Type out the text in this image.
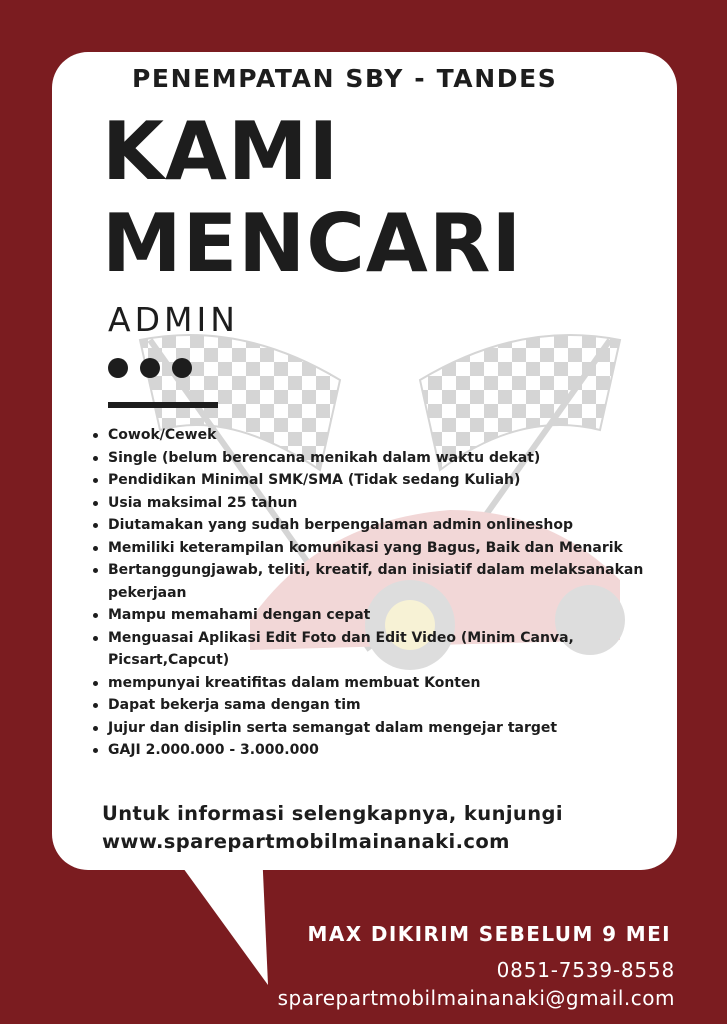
PENEMPATAN SBY - TANDES
KAMI
MENCARI
ADMIN
Cowok/Cewek
Single (belum berencana menikah dalam waktu dekat)
Pendidikan Minimal SMK/SMA (Tidak sedang Kuliah)
Usia maksimal 25 tahun
Diutamakan yang sudah berpengalaman admin onlineshop
Memiliki keterampilan komunikasi yang Bagus, Baik dan Menarik
Bertanggungjawab, teliti, kreatif, dan inisiatif dalam melaksanakan pekerjaan
Mampu memahami dengan cepat
Menguasai Aplikasi Edit Foto dan Edit Video (Minim Canva, Picsart,Capcut)
mempunyai kreatifitas dalam membuat Konten
Dapat bekerja sama dengan tim
Jujur dan disiplin serta semangat dalam mengejar target
GAJI 2.000.000 - 3.000.000
Untuk informasi selengkapnya, kunjungi
www.sparepartmobilmainanaki.com
MAX DIKIRIM SEBELUM 9 MEI
0851-7539-8558
sparepartmobilmainanaki@gmail.com
